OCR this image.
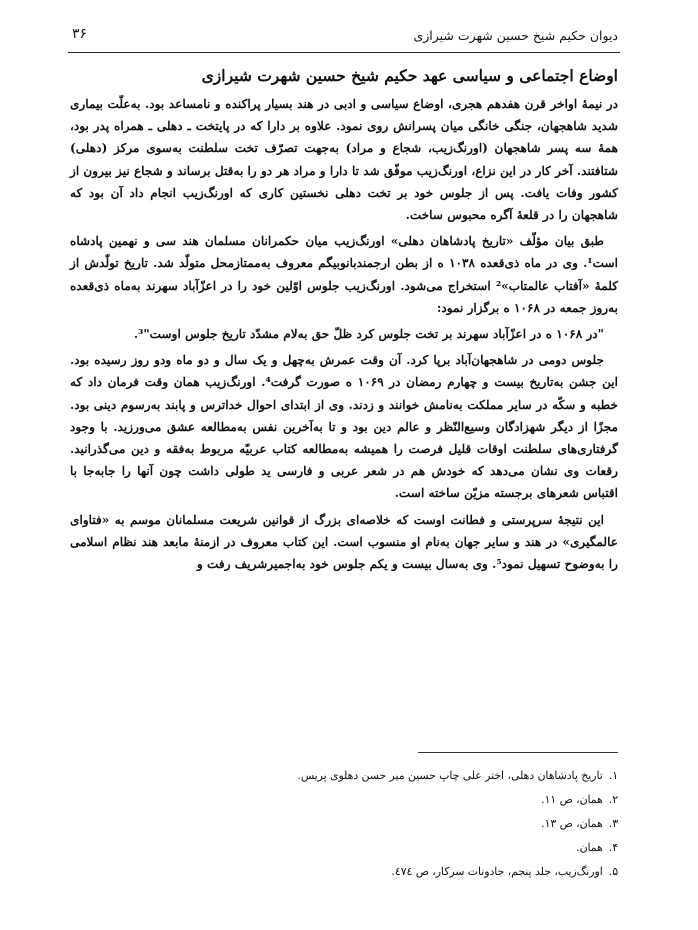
دیوان حکیم شیخ حسین شهرت شیرازی
۳۶
اوضاع اجتماعی و سیاسی عهد حکیم شیخ حسین شهرت شیرازی

در نیمهٔ اواخر قرن هفدهم هجری، اوضاع سیاسی و ادبی در هند بسیار پراکنده و نامساعد بود. به‌علّت بیماری شدید شاهجهان، جنگی خانگی میان پسرانش روی نمود. علاوه بر دارا که در پایتخت ـ دهلی ـ همراه پدر بود، همهٔ سه پسر شاهجهان (اورنگ‌زیب، شجاع و مراد) به‌جهت تصرّف تخت سلطنت به‌سوی مرکز (دهلی) شتافتند. آخر کار در این نزاع، اورنگ‌زیب موفّق شد تا دارا و مراد هر دو را به‌قتل برساند و شجاع نیز بیرون از کشور وفات یافت. پس از جلوس خود بر تخت دهلی نخستین کاری که اورنگ‌زیب انجام داد آن بود که شاهجهان را در قلعهٔ آگره محبوس ساخت.

طبق بیان مؤلّف «تاریخ پادشاهان دهلی» اورنگ‌زیب میان حکمرانان مسلمان هند سی و نهمین پادشاه است¹. وی در ماه ذی‌قعده ۱۰۳۸ ه از بطن ارجمندبانوبیگم معروف به‌ممتازمحل متولّد شد. تاریخ تولّدش از کلمهٔ «آفتاب عالمتاب»² استخراج می‌شود. اورنگ‌زیب جلوس اوّلین خود را در اعزّآباد سهرند به‌ماه ذی‌قعده به‌روز جمعه در ۱۰۶۸ ه برگزار نمود:

"در ۱۰۶۸ ه در اعزّآباد سهرند بر تخت جلوس کرد ظلّ حق به‌لام مشدّد تاریخ جلوس اوست"³.

جلوس دومی در شاهجهان‌آباد برپا کرد. آن وقت عمرش به‌چهل و یک سال و دو ماه ودو روز رسیده بود. این جشن به‌تاریخ بیست و چهارم رمضان در ۱۰۶۹ ه صورت گرفت⁴. اورنگ‌زیب همان وقت فرمان داد که خطبه و سکّه در سایر مملکت به‌نامش خوانند و زدند. وی از ابتدای احوال خداترس و پابند به‌رسوم دینی بود. مجزًا از دیگر شهزادگان وسیع‌النّظر و عالم دین بود و تا به‌آخرین نفس به‌مطالعه عشق می‌ورزید. با وجود گرفتاری‌های سلطنت اوقات قلیل فرصت را همیشه به‌مطالعه کتاب عربیّه مربوط به‌فقه و دین می‌گذرانید. رقعات وی نشان می‌دهد که خودش هم در شعر عربی و فارسی ید طولی داشت چون آنها را جابه‌جا با اقتباس شعرهای برجسته مزیّن ساخته است.

این نتیجهٔ سرپرستی و فطانت اوست که خلاصه‌ای بزرگ از قوانین شریعت مسلمانان موسم به «فتاوای عالمگیری» در هند و سایر جهان به‌نام او منسوب است. این کتاب معروف در ازمنهٔ مابعد هند نظام اسلامی را به‌وضوح تسهیل نمود⁵. وی به‌سال بیست و یکم جلوس خود به‌اجمیرشریف رفت و

۱.تاریخ پادشاهان دهلی، اختر علی چاپ حسین میر حسن دهلوی پریس.
۲.همان، ص ۱۱.
۳.همان، ص ۱۳.
۴.همان.
۵.اورنگ‌زیب، جلد پنجم، جادونات سرکار، ص ٤٧٤.
